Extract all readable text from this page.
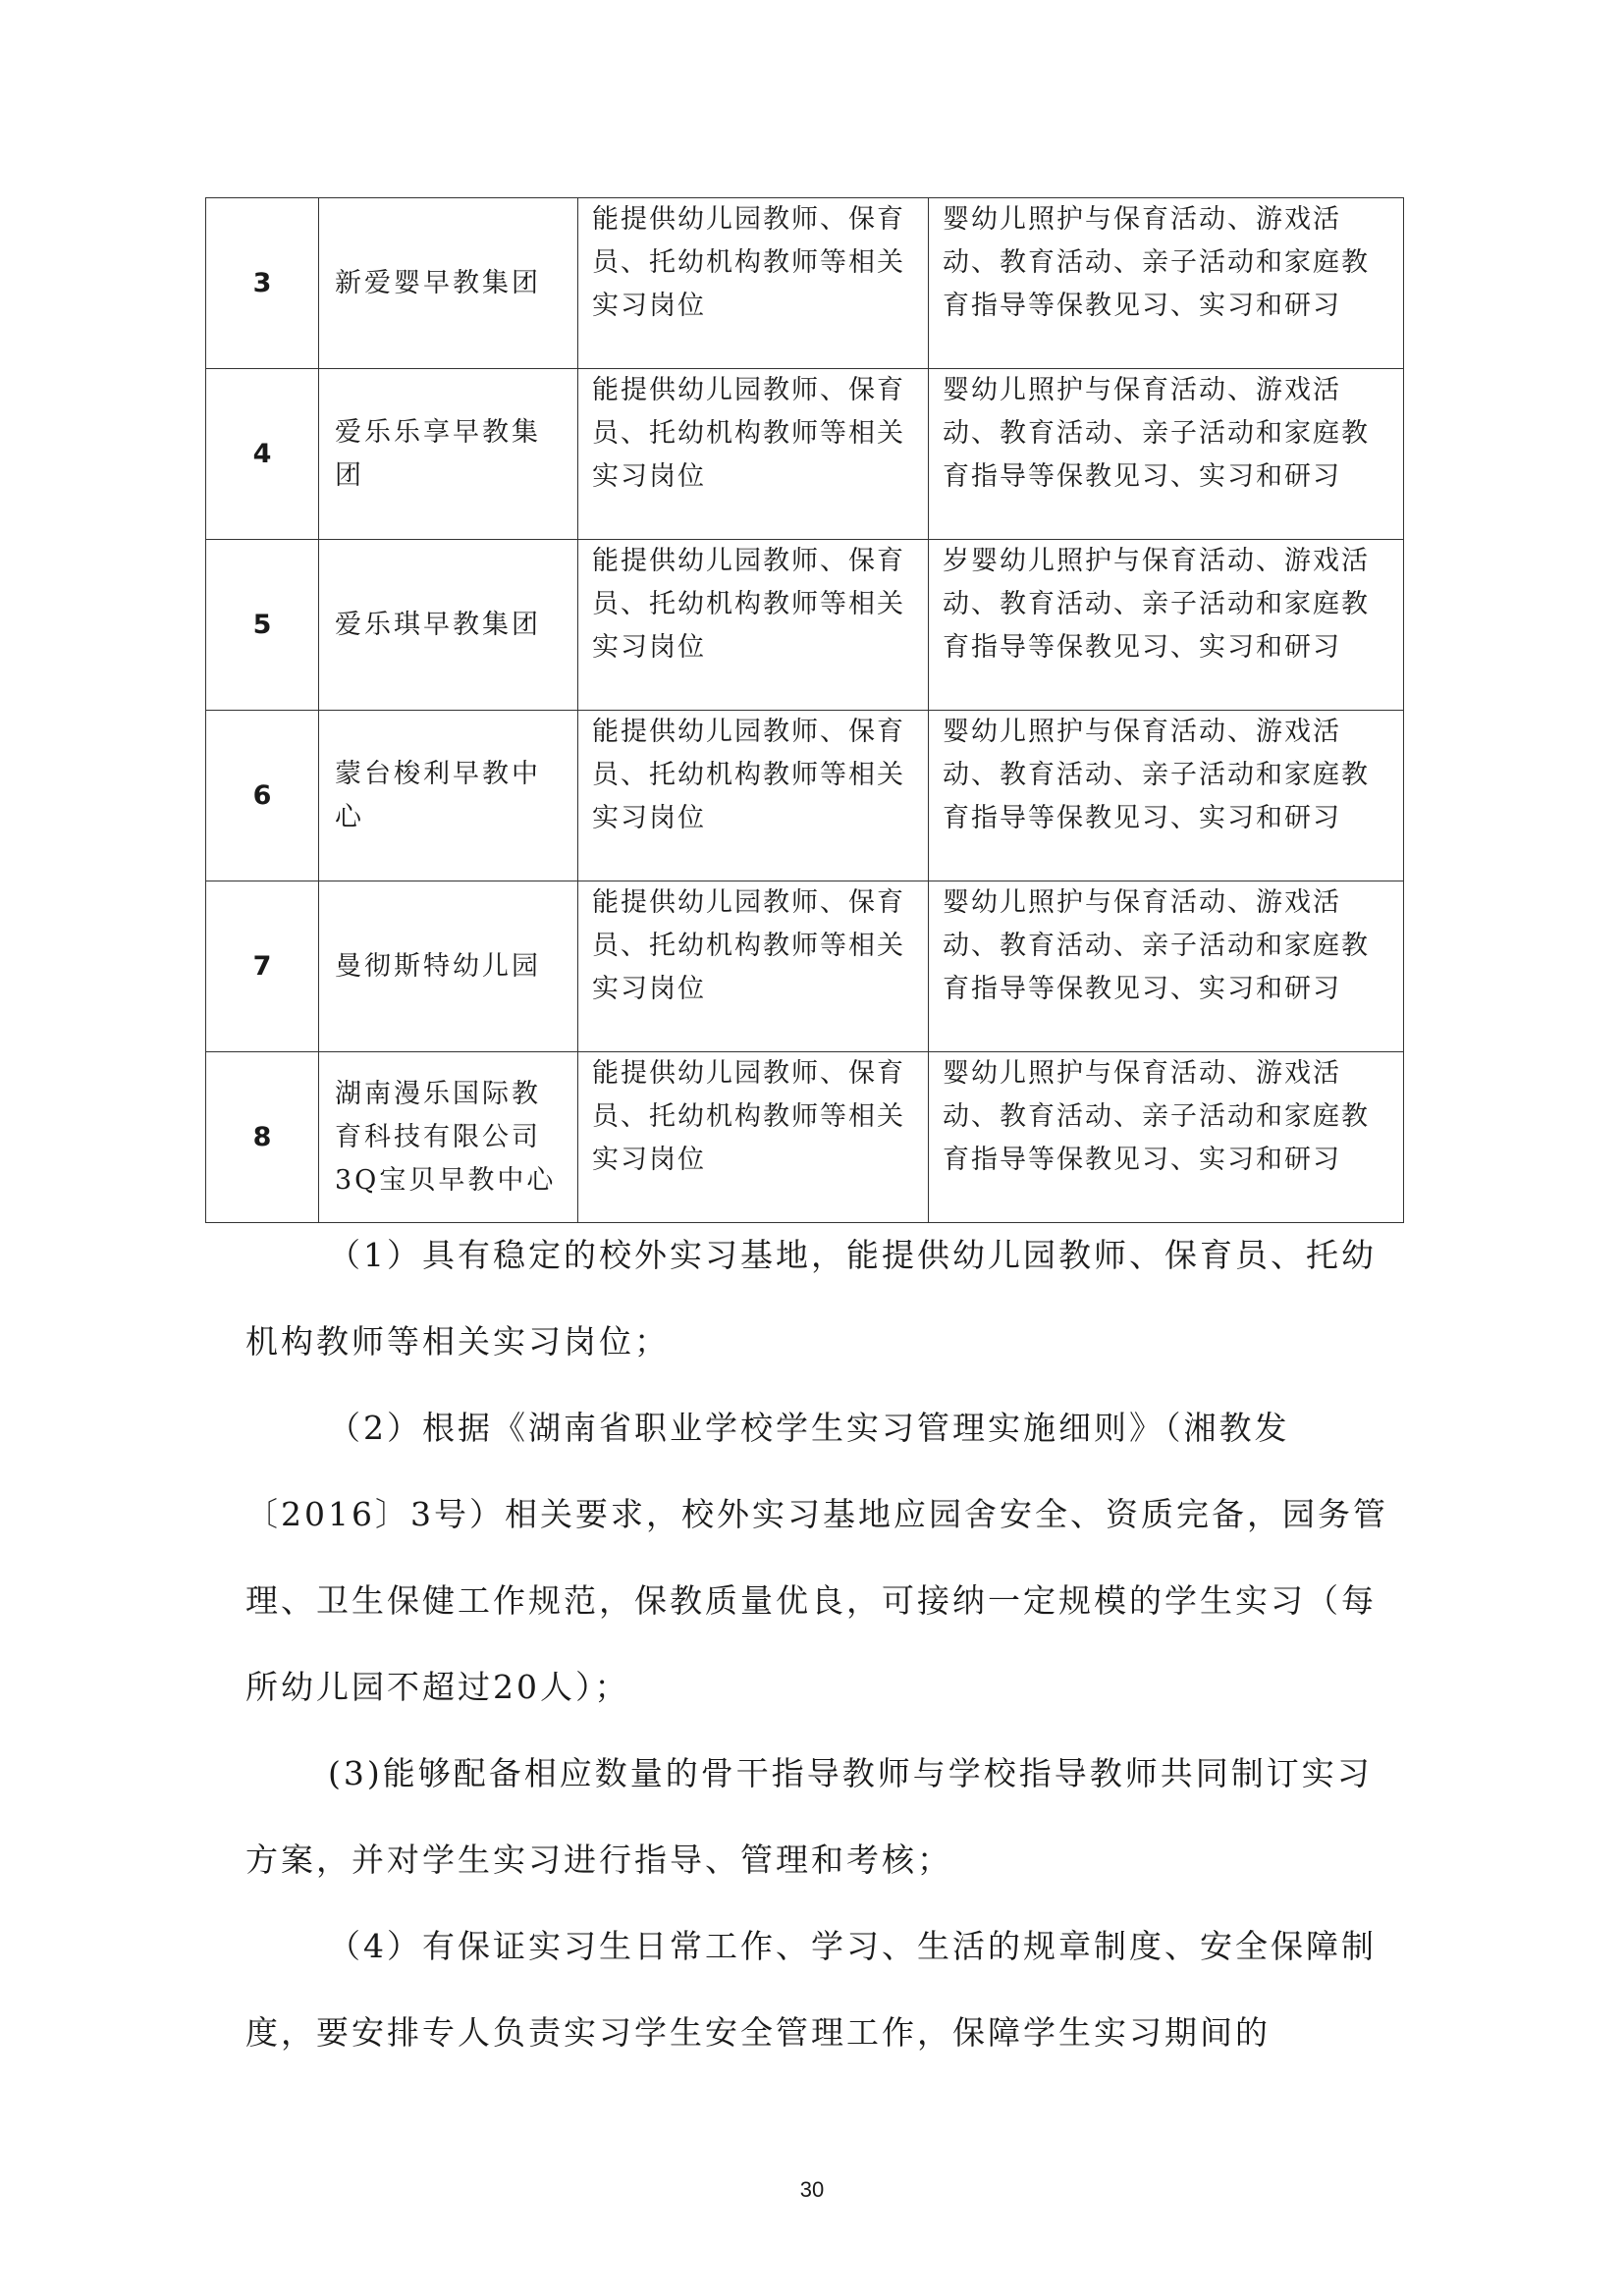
3	新爱婴早教集团	能提供幼儿园教师、保育员、托幼机构教师等相关实习岗位	婴幼儿照护与保育活动、游戏活动、教育活动、亲子活动和家庭教育指导等保教见习、实习和研习
4	爱乐乐享早教集团	能提供幼儿园教师、保育员、托幼机构教师等相关实习岗位	婴幼儿照护与保育活动、游戏活动、教育活动、亲子活动和家庭教育指导等保教见习、实习和研习
5	爱乐琪早教集团	能提供幼儿园教师、保育员、托幼机构教师等相关实习岗位	岁婴幼儿照护与保育活动、游戏活动、教育活动、亲子活动和家庭教育指导等保教见习、实习和研习
6	蒙台梭利早教中心	能提供幼儿园教师、保育员、托幼机构教师等相关实习岗位	婴幼儿照护与保育活动、游戏活动、教育活动、亲子活动和家庭教育指导等保教见习、实习和研习
7	曼彻斯特幼儿园	能提供幼儿园教师、保育员、托幼机构教师等相关实习岗位	婴幼儿照护与保育活动、游戏活动、教育活动、亲子活动和家庭教育指导等保教见习、实习和研习
8	湖南漫乐国际教育科技有限公司3Q宝贝早教中心	能提供幼儿园教师、保育员、托幼机构教师等相关实习岗位	婴幼儿照护与保育活动、游戏活动、教育活动、亲子活动和家庭教育指导等保教见习、实习和研习

（1）具有稳定的校外实习基地，能提供幼儿园教师、保育员、托幼机构教师等相关实习岗位；

（2）根据《湖南省职业学校学生实习管理实施细则》（湘教发〔2016〕3号）相关要求，校外实习基地应园舍安全、资质完备，园务管理、卫生保健工作规范，保教质量优良，可接纳一定规模的学生实习（每所幼儿园不超过20人）；

(3)能够配备相应数量的骨干指导教师与学校指导教师共同制订实习方案，并对学生实习进行指导、管理和考核；

（4）有保证实习生日常工作、学习、生活的规章制度、安全保障制度，要安排专人负责实习学生安全管理工作，保障学生实习期间的

30
